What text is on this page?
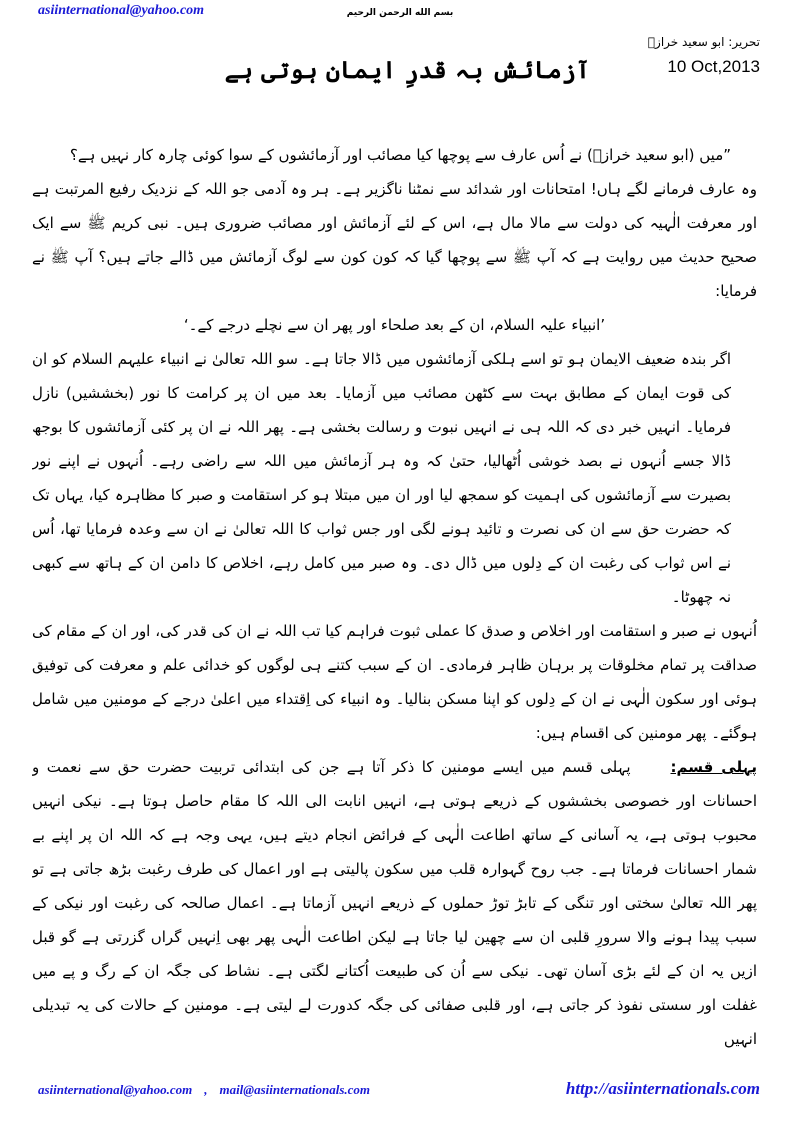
asiinternational@yahoo.com	بسم الله الرحمن الرحیم
آزمائش بہ قدرِ ایمان ہوتی ہے
تحریر: ابو سعید خرازؒ
10 Oct,2013

”میں (ابو سعید خرازؒ) نے اُس عارف سے پوچھا کیا مصائب اور آزمائشوں کے سوا کوئی چارہ کار نہیں ہے؟

وہ عارف فرمانے لگے ہاں! امتحانات اور شدائد سے نمٹنا ناگزیر ہے۔ ہر وہ آدمی جو اللہ کے نزدیک رفیع المرتبت ہے اور معرفت الٰہیہ کی دولت سے مالا مال ہے، اس کے لئے آزمائش اور مصائب ضروری ہیں۔ نبی کریم ﷺ سے ایک صحیح حدیث میں روایت ہے کہ آپ ﷺ سے پوچھا گیا کہ کون کون سے لوگ آزمائش میں ڈالے جاتے ہیں؟ آپ ﷺ نے فرمایا:

’انبیاء علیہ السلام، ان کے بعد صلحاء اور پھر ان سے نچلے درجے کے۔‘

اگر بندہ ضعیف الایمان ہو تو اسے ہلکی آزمائشوں میں ڈالا جاتا ہے۔ سو اللہ تعالیٰ نے انبیاء علیہم السلام کو ان کی قوت ایمان کے مطابق بہت سے کٹھن مصائب میں آزمایا۔ بعد میں ان پر کرامت کا نور (بخششیں) نازل فرمایا۔ انہیں خبر دی کہ اللہ ہی نے انہیں نبوت و رسالت بخشی ہے۔ پھر اللہ نے ان پر کئی آزمائشوں کا بوجھ ڈالا جسے اُنہوں نے بصد خوشی اُٹھالیا، حتیٰ کہ وہ ہر آزمائش میں اللہ سے راضی رہے۔ اُنہوں نے اپنے نور بصیرت سے آزمائشوں کی اہمیت کو سمجھ لیا اور ان میں مبتلا ہو کر استقامت و صبر کا مظاہرہ کیا، یہاں تک کہ حضرت حق سے ان کی نصرت و تائید ہونے لگی اور جس ثواب کا اللہ تعالیٰ نے ان سے وعدہ فرمایا تھا، اُس نے اس ثواب کی رغبت ان کے دِلوں میں ڈال دی۔ وہ صبر میں کامل رہے، اخلاص کا دامن ان کے ہاتھ سے کبھی نہ چھوٹا۔

اُنہوں نے صبر و استقامت اور اخلاص و صدق کا عملی ثبوت فراہم کیا تب اللہ نے ان کی قدر کی، اور ان کے مقام کی صداقت پر تمام مخلوقات پر برہان ظاہر فرمادی۔ ان کے سبب کتنے ہی لوگوں کو خدائی علم و معرفت کی توفیق ہوئی اور سکون الٰہی نے ان کے دِلوں کو اپنا مسکن بنالیا۔ وہ انبیاء کی اِقتداء میں اعلیٰ درجے کے مومنین میں شامل ہوگئے۔ پھر مومنین کی اقسام ہیں:

پہلی قسم:پہلی قسم میں ایسے مومنین کا ذکر آتا ہے جن کی ابتدائی تربیت حضرت حق سے نعمت و احسانات اور خصوصی بخششوں کے ذریعے ہوتی ہے، انہیں انابت الی اللہ کا مقام حاصل ہوتا ہے۔ نیکی انہیں محبوب ہوتی ہے، یہ آسانی کے ساتھ اطاعت الٰہی کے فرائض انجام دیتے ہیں، یہی وجہ ہے کہ اللہ ان پر اپنے بے شمار احسانات فرماتا ہے۔ جب روح گہوارہ قلب میں سکون پالیتی ہے اور اعمال کی طرف رغبت بڑھ جاتی ہے تو پھر اللہ تعالیٰ سختی اور تنگی کے تابڑ توڑ حملوں کے ذریعے انہیں آزماتا ہے۔ اعمال صالحہ کی رغبت اور نیکی کے سبب پیدا ہونے والا سرورِ قلبی ان سے چھین لیا جاتا ہے لیکن اطاعت الٰہی پھر بھی اِنہیں گراں گزرتی ہے گو قبل ازیں یہ ان کے لئے بڑی آسان تھی۔ نیکی سے اُن کی طبیعت اُکتانے لگتی ہے۔ نشاط کی جگہ ان کے رگ و پے میں غفلت اور سستی نفوذ کر جاتی ہے، اور قلبی صفائی کی جگہ کدورت لے لیتی ہے۔ مومنین کے حالات کی یہ تبدیلی انہیں

asiinternational@yahoo.com , mail@asiinternationals.com	http://asiinternationals.com
